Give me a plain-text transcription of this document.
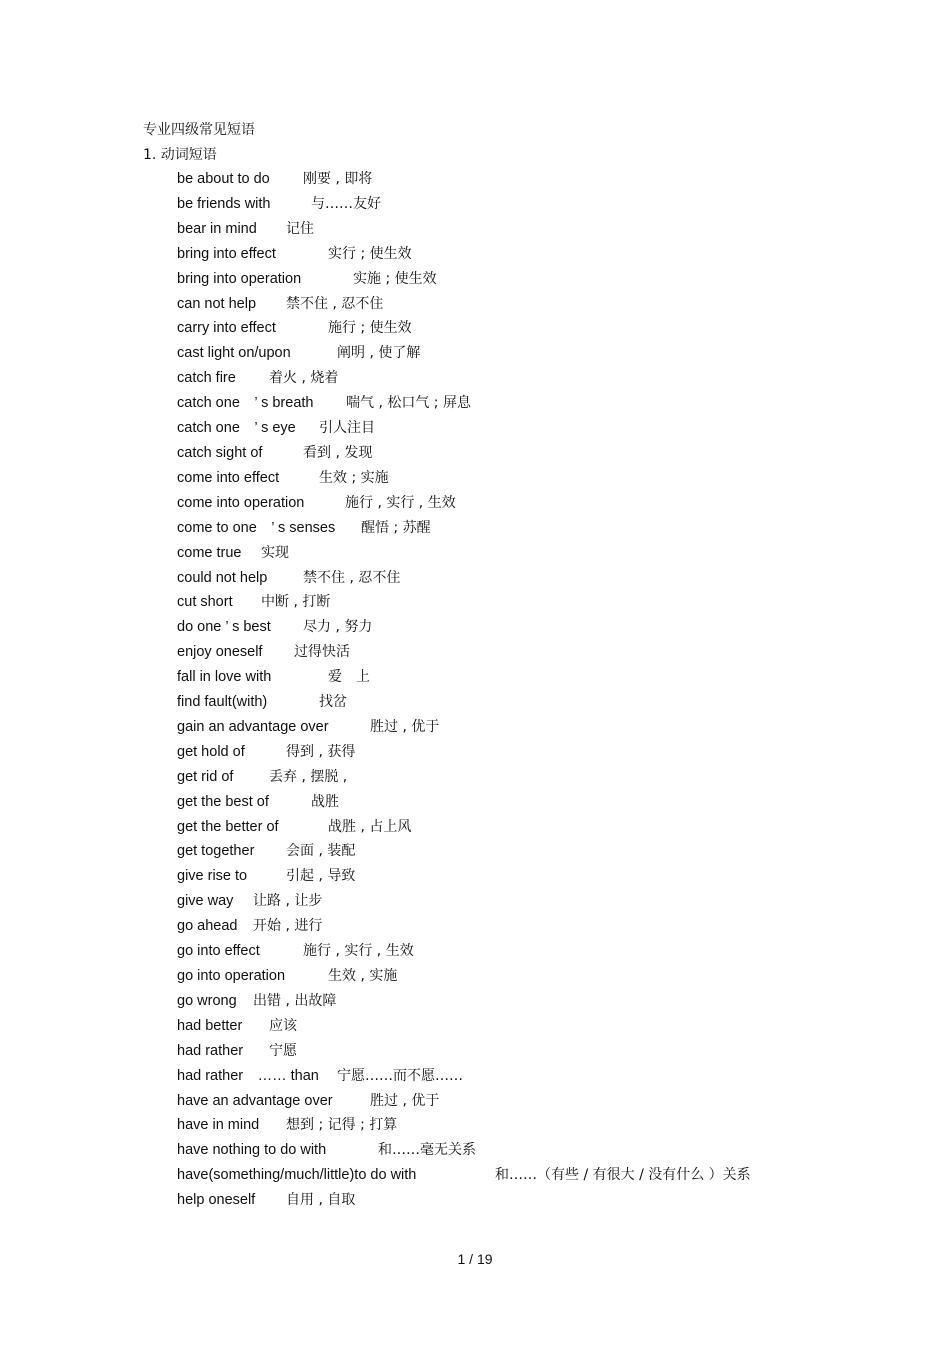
专业四级常见短语
1. 动词短语
be about to do 刚要 , 即将
be friends with	与……友好
bear in mind 记住
bring into effect	实行 ; 使生效
bring into operation	实施 ; 使生效
can not help 禁不住 , 忍不住
carry into effect	施行 ; 使生效
cast light on/upon	阐明 , 使了解
catch fire 着火 , 烧着
catch one　’ s breath 喘气 , 松口气 ; 屏息
catch one　’ s eye 引人注目
catch sight of	看到 , 发现
come into effect	生效 ; 实施
come into operation	施行 , 实行 , 生效
come to one　’ s senses 醒悟 ; 苏醒
come true 实现
could not help	禁不住 , 忍不住
cut short 中断 , 打断
do one ’ s best 尽力 , 努力
enjoy oneself 过得快活
fall in love with	爱　上
find fault(with)	找岔
gain an advantage over	胜过 , 优于
get hold of	得到 , 获得
get rid of	丢弃 , 摆脱 ,
get the best of	战胜
get the better of	战胜 , 占上风
get together 会面 , 装配
give rise to	引起 , 导致
give way 让路 , 让步
go ahead 开始 , 进行
go into effect	施行 , 实行 , 生效
go into operation	生效 , 实施
go wrong 出错 , 出故障
had better 应该
had rather 宁愿
had rather　…… than 宁愿……而不愿……
have an advantage over	胜过 , 优于
have in mind 想到 ; 记得 ; 打算
have nothing to do with	和……毫无关系
have(something/much/little)to do with	和……（有些 / 有很大 / 没有什么 ）关系
help oneself 自用 , 自取
1 / 19
